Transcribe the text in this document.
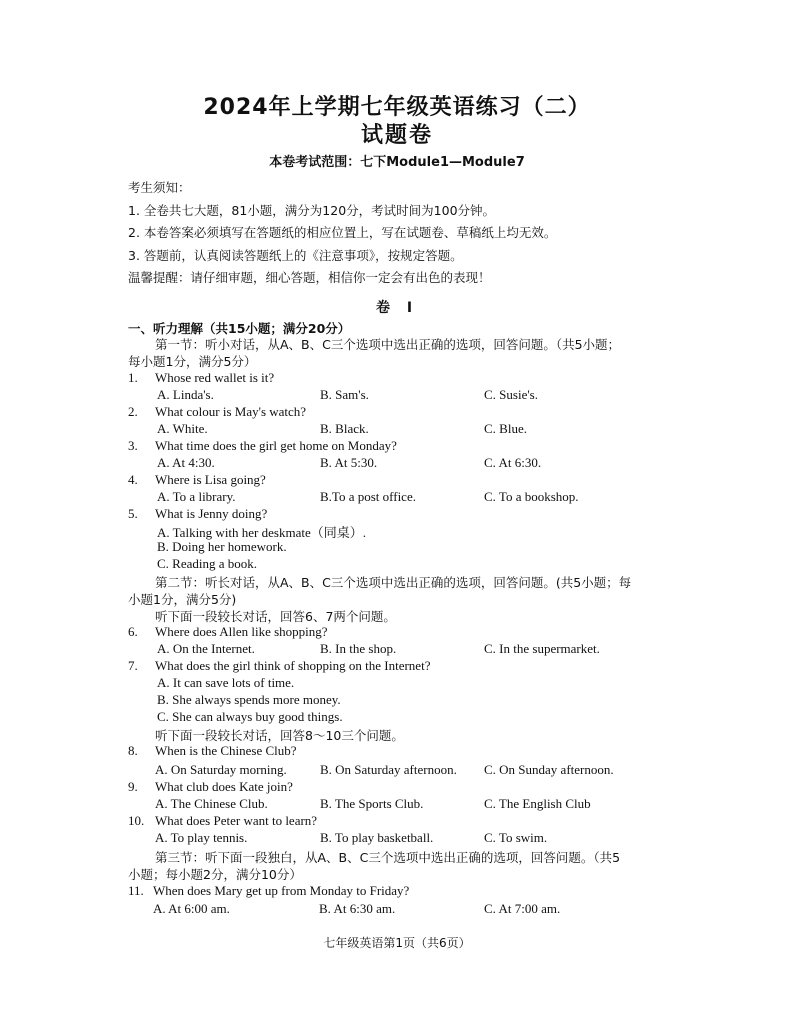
2024年上学期七年级英语练习（二）
试题卷
本卷考试范围：七下Module1—Module7
考生须知：
1. 全卷共七大题，81小题，满分为120分，考试时间为100分钟。
2. 本卷答案必须填写在答题纸的相应位置上，写在试题卷、草稿纸上均无效。
3. 答题前，认真阅读答题纸上的《注意事项》，按规定答题。
温馨提醒：请仔细审题，细心答题，相信你一定会有出色的表现！
卷 I
一、听力理解（共15小题；满分20分）
第一节：听小对话，从A、B、C三个选项中选出正确的选项，回答问题。（共5小题；
每小题1分，满分5分）
1. Whose red wallet is it?
A. Linda's.	B. Sam's.	C. Susie's.
2. What colour is May's watch?
A. White.	B. Black.	C. Blue.
3. What time does the girl get home on Monday?
A. At 4:30.	B. At 5:30.	C. At 6:30.
4. Where is Lisa going?
A. To a library.	B.To a post office.	C. To a bookshop.
5. What is Jenny doing?
A. Talking with her deskmate（同桌）.
B. Doing her homework.
C. Reading a book.
第二节：听长对话，从A、B、C三个选项中选出正确的选项，回答问题。(共5小题；每
小题1分，满分5分)
听下面一段较长对话，回答6、7两个问题。
6. Where does Allen like shopping?
A. On the Internet.	B. In the shop.	C. In the supermarket.
7. What does the girl think of shopping on the Internet?
A. It can save lots of time.
B. She always spends more money.
C. She can always buy good things.
听下面一段较长对话，回答8～10三个问题。
8. When is the Chinese Club?
A. On Saturday morning.	B. On Saturday afternoon. C. On Sunday afternoon.
9. What club does Kate join?
A. The Chinese Club.	B. The Sports Club.	C. The English Club
10. What does Peter want to learn?
A. To play tennis.	B. To play basketball.	C. To swim.
第三节：听下面一段独白，从A、B、C三个选项中选出正确的选项，回答问题。（共5
小题；每小题2分，满分10分）
11. When does Mary get up from Monday to Friday?
A. At 6:00 am.	B. At 6:30 am.	C. At 7:00 am.
七年级英语第1页（共6页）
